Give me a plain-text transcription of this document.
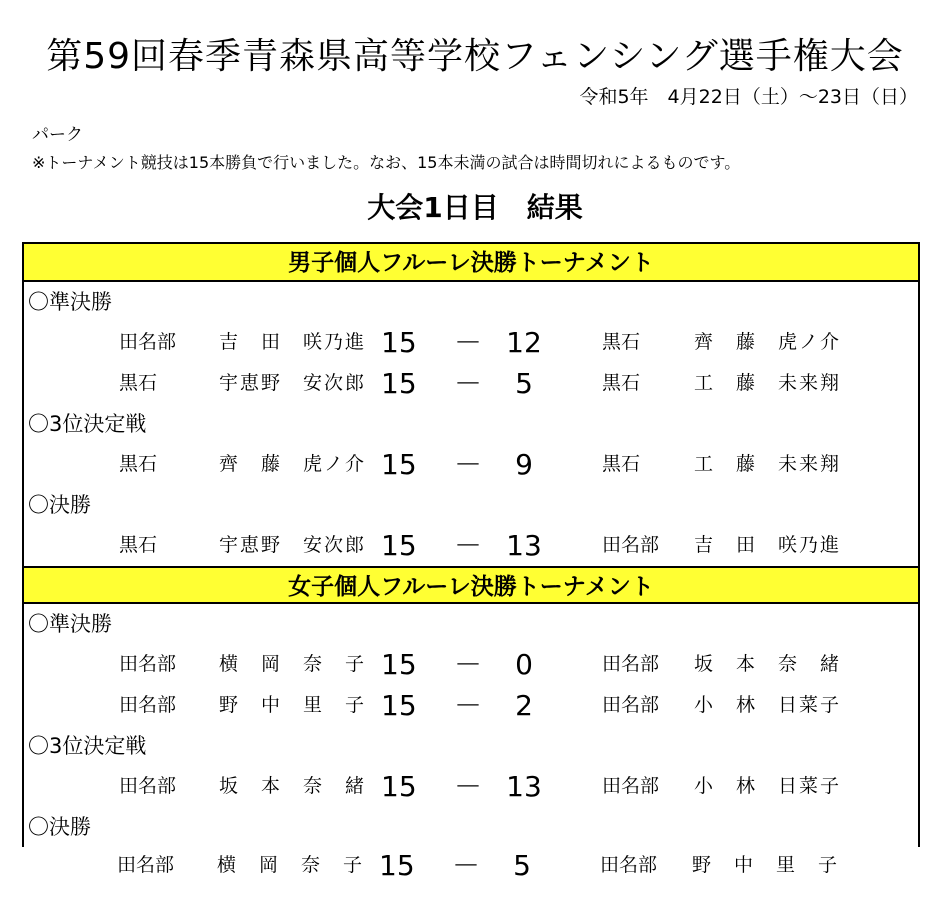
第59回春季青森県高等学校フェンシング選手権大会
令和5年　4月22日（土）～23日（日）
パーク
※トーナメント競技は15本勝負で行いました。なお、15本未満の試合は時間切れによるものです。
大会1日目　結果
男子個人フルーレ決勝トーナメント
〇準決勝
田名部 吉　田　咲乃進 15 － 12	黒石	齊　藤　虎ノ介
黒石	宇恵野　安次郎 15 －	5	黒石	工　藤　未来翔
〇3位決定戦
黒石	齊　藤　虎ノ介 15 －	9	黒石	工　藤　未来翔
〇決勝
黒石	宇恵野　安次郎 15 － 13	田名部 吉　田　咲乃進
女子個人フルーレ決勝トーナメント
〇準決勝
田名部 横　岡　奈　子 15 －	0	田名部 坂　本　奈　緒
田名部 野　中　里　子 15 －	2	田名部 小　林　日菜子
〇3位決定戦
田名部 坂　本　奈　緒 15 － 13	田名部 小　林　日菜子
〇決勝
田名部 横　岡　奈　子 15 －	5	田名部 野　中　里　子
